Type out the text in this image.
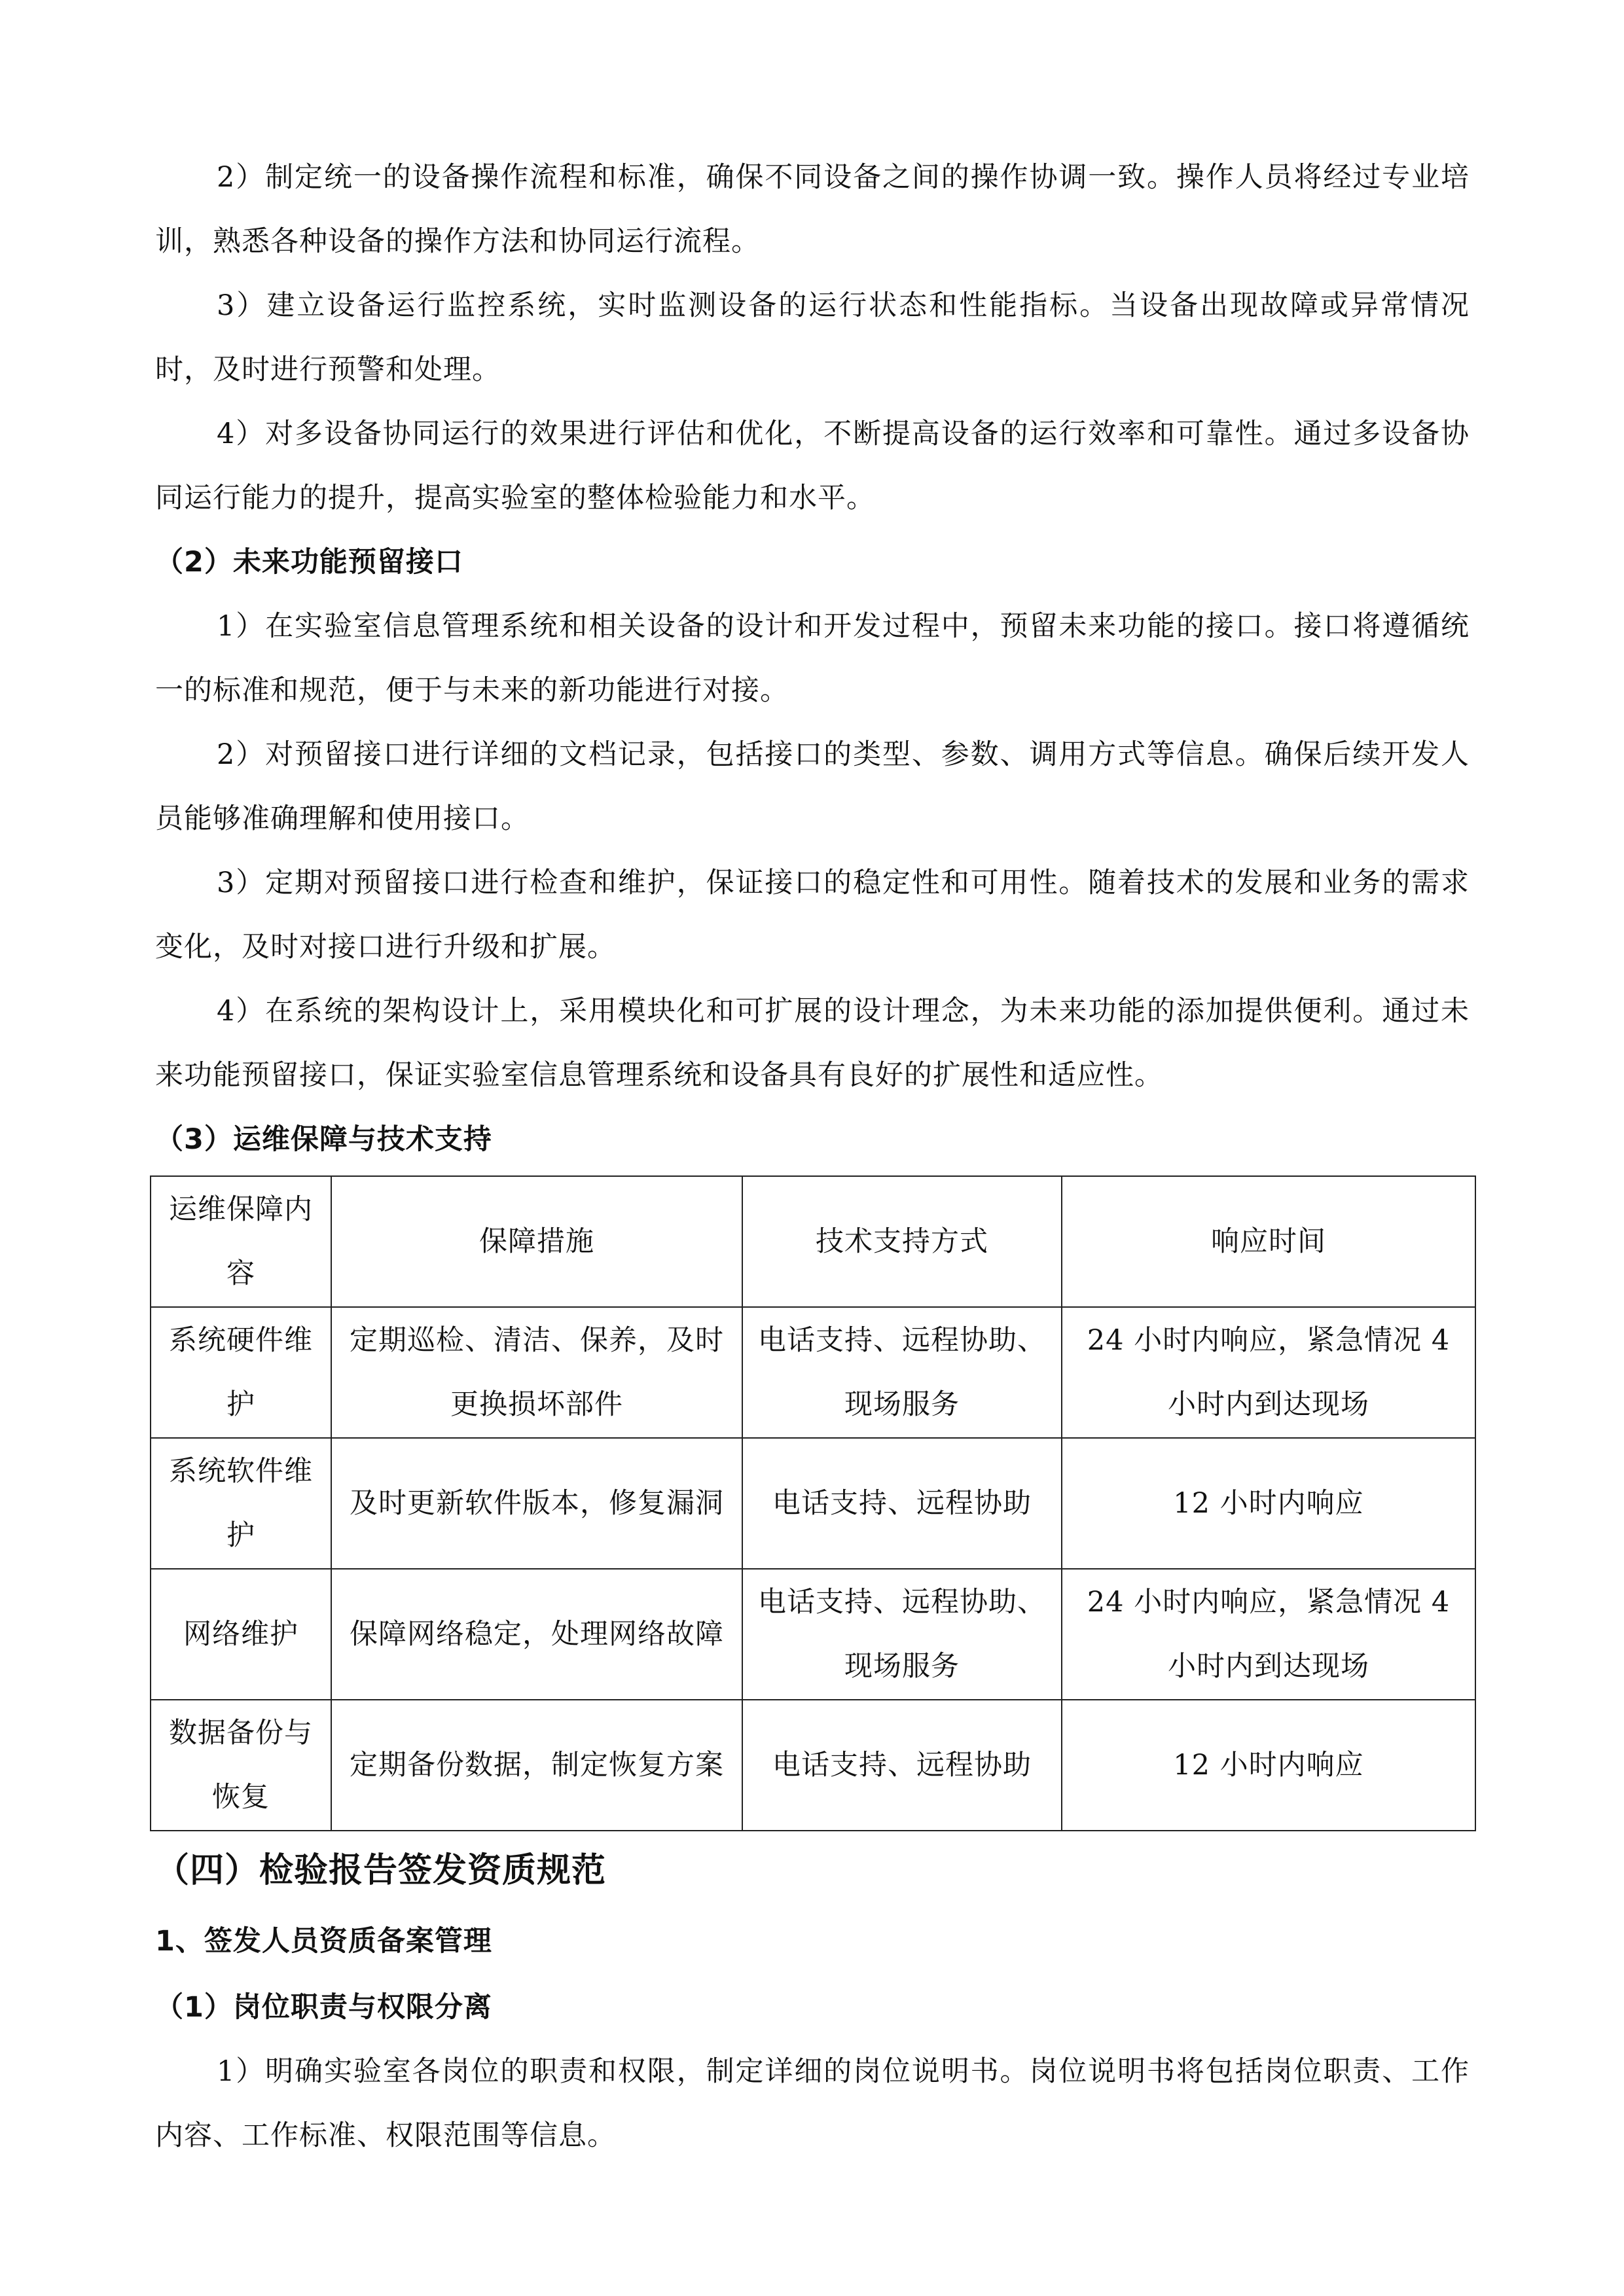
2）制定统一的设备操作流程和标准，确保不同设备之间的操作协调一致。操作人员将经过专业培训，熟悉各种设备的操作方法和协同运行流程。

3）建立设备运行监控系统，实时监测设备的运行状态和性能指标。当设备出现故障或异常情况时，及时进行预警和处理。

4）对多设备协同运行的效果进行评估和优化，不断提高设备的运行效率和可靠性。通过多设备协同运行能力的提升，提高实验室的整体检验能力和水平。

（2）未来功能预留接口

1）在实验室信息管理系统和相关设备的设计和开发过程中，预留未来功能的接口。接口将遵循统一的标准和规范，便于与未来的新功能进行对接。

2）对预留接口进行详细的文档记录，包括接口的类型、参数、调用方式等信息。确保后续开发人员能够准确理解和使用接口。

3）定期对预留接口进行检查和维护，保证接口的稳定性和可用性。随着技术的发展和业务的需求变化，及时对接口进行升级和扩展。

4）在系统的架构设计上，采用模块化和可扩展的设计理念，为未来功能的添加提供便利。通过未来功能预留接口，保证实验室信息管理系统和设备具有良好的扩展性和适应性。

（3）运维保障与技术支持
运维保障内容	保障措施	技术支持方式	响应时间
系统硬件维护	定期巡检、清洁、保养，及时更换损坏部件	电话支持、远程协助、现场服务	24 小时内响应，紧急情况 4 小时内到达现场
系统软件维护	及时更新软件版本，修复漏洞	电话支持、远程协助	12 小时内响应
网络维护	保障网络稳定，处理网络故障	电话支持、远程协助、现场服务	24 小时内响应，紧急情况 4 小时内到达现场
数据备份与恢复	定期备份数据，制定恢复方案	电话支持、远程协助	12 小时内响应
（四）检验报告签发资质规范
1、签发人员资质备案管理
（1）岗位职责与权限分离

1）明确实验室各岗位的职责和权限，制定详细的岗位说明书。岗位说明书将包括岗位职责、工作内容、工作标准、权限范围等信息。
